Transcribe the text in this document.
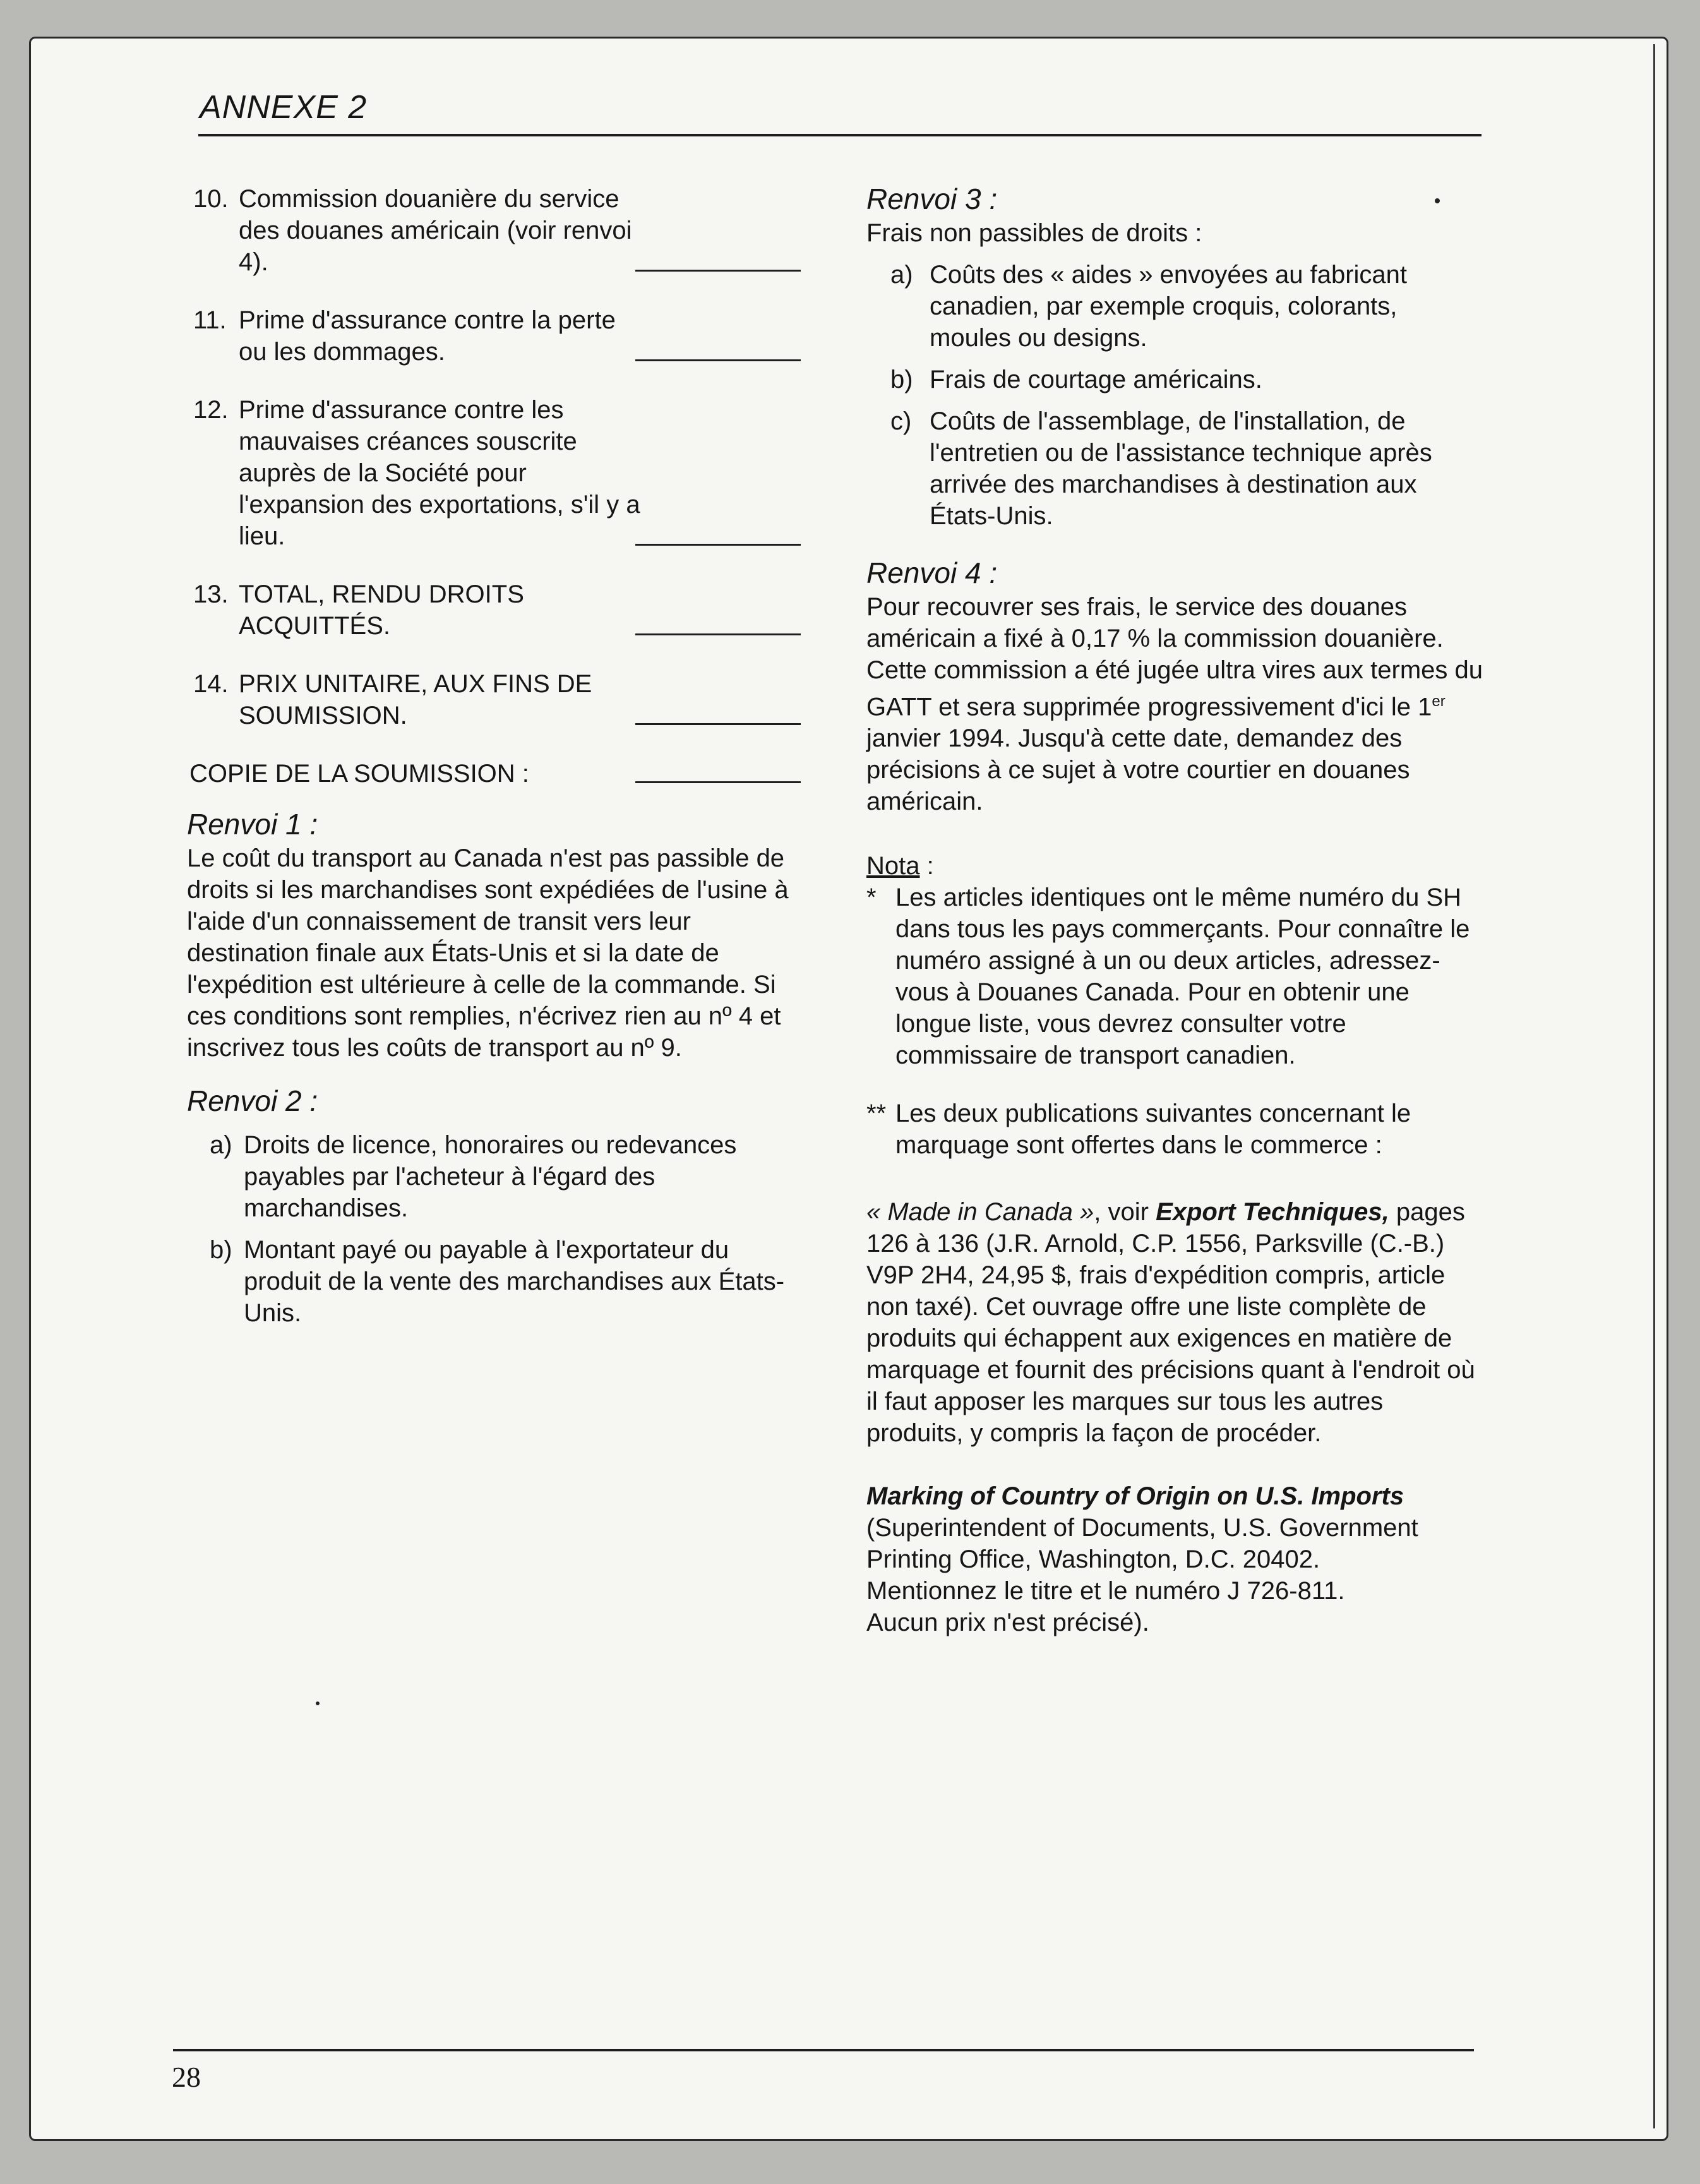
ANNEXE 2
10. Commission douanière du service des douanes américain (voir renvoi 4).
11. Prime d'assurance contre la perte ou les dommages.
12. Prime d'assurance contre les mauvaises créances souscrite auprès de la Société pour l'expansion des exportations, s'il y a lieu.
13. TOTAL, RENDU DROITS ACQUITTÉS.
14. PRIX UNITAIRE, AUX FINS DE SOUMISSION.
COPIE DE LA SOUMISSION :
Renvoi 1 :

Le coût du transport au Canada n'est pas passible de droits si les marchandises sont expédiées de l'usine à l'aide d'un connaissement de transit vers leur destination finale aux États-Unis et si la date de l'expédition est ultérieure à celle de la commande. Si ces conditions sont remplies, n'écrivez rien au nº 4 et inscrivez tous les coûts de transport au nº 9.

Renvoi 2 :
a) Droits de licence, honoraires ou redevances payables par l'acheteur à l'égard des marchandises.
b) Montant payé ou payable à l'exportateur du produit de la vente des marchandises aux États-Unis.
Renvoi 3 :
Frais non passibles de droits :
a) Coûts des « aides » envoyées au fabricant canadien, par exemple croquis, colorants, moules ou designs.
b) Frais de courtage américains.
c) Coûts de l'assemblage, de l'installation, de l'entretien ou de l'assistance technique après arrivée des marchandises à destination aux États-Unis.
Renvoi 4 :

Pour recouvrer ses frais, le service des douanes américain a fixé à 0,17 % la commission douanière. Cette commission a été jugée ultra vires aux termes du GATT et sera supprimée progressivement d'ici le 1er janvier 1994. Jusqu'à cette date, demandez des précisions à ce sujet à votre courtier en douanes américain.

Nota :
* Les articles identiques ont le même numéro du SH dans tous les pays commerçants. Pour connaître le numéro assigné à un ou deux articles, adressez-vous à Douanes Canada. Pour en obtenir une longue liste, vous devrez consulter votre commissaire de transport canadien.
** Les deux publications suivantes concernant le marquage sont offertes dans le commerce :

« Made in Canada », voir Export Techniques, pages 126 à 136 (J.R. Arnold, C.P. 1556, Parksville (C.-B.) V9P 2H4, 24,95 $, frais d'expédition compris, article non taxé). Cet ouvrage offre une liste complète de produits qui échappent aux exigences en matière de marquage et fournit des précisions quant à l'endroit où il faut apposer les marques sur tous les autres produits, y compris la façon de procéder.

Marking of Country of Origin on U.S. Imports
(Superintendent of Documents, U.S. Government Printing Office, Washington, D.C. 20402.
Mentionnez le titre et le numéro J 726-811.
Aucun prix n'est précisé).
28
